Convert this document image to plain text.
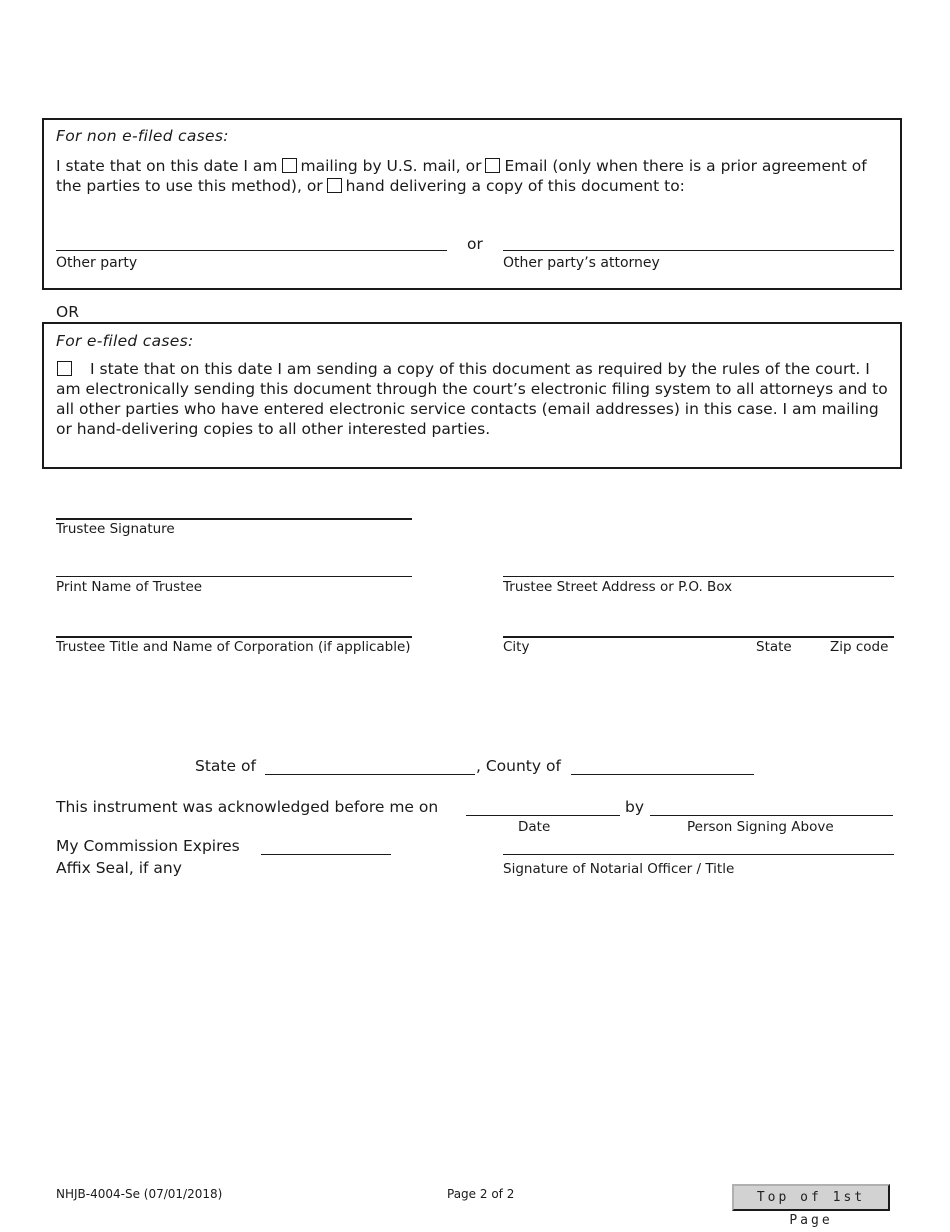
For non e-filed cases:
I state that on this date I am mailing by U.S. mail, or Email (only when there is a prior agreement of the parties to use this method), or hand delivering a copy of this document to:
or
Other party	Other party’s attorney
OR
For e-filed cases:
I state that on this date I am sending a copy of this document as required by the rules of the court. I am electronically sending this document through the court’s electronic filing system to all attorneys and to all other parties who have entered electronic service contacts (email addresses) in this case. I am mailing or hand-delivering copies to all other interested parties.
Trustee Signature
Print Name of Trustee	Trustee Street Address or P.O. Box
Trustee Title and Name of Corporation (if applicable)	City	State	Zip code
State of	, County of
This instrument was acknowledged before me on	by
Date	Person Signing Above
My Commission Expires
Affix Seal, if any	Signature of Notarial Officer / Title
NHJB-4004-Se (07/01/2018)	Page 2 of 2	Top of 1st Page
